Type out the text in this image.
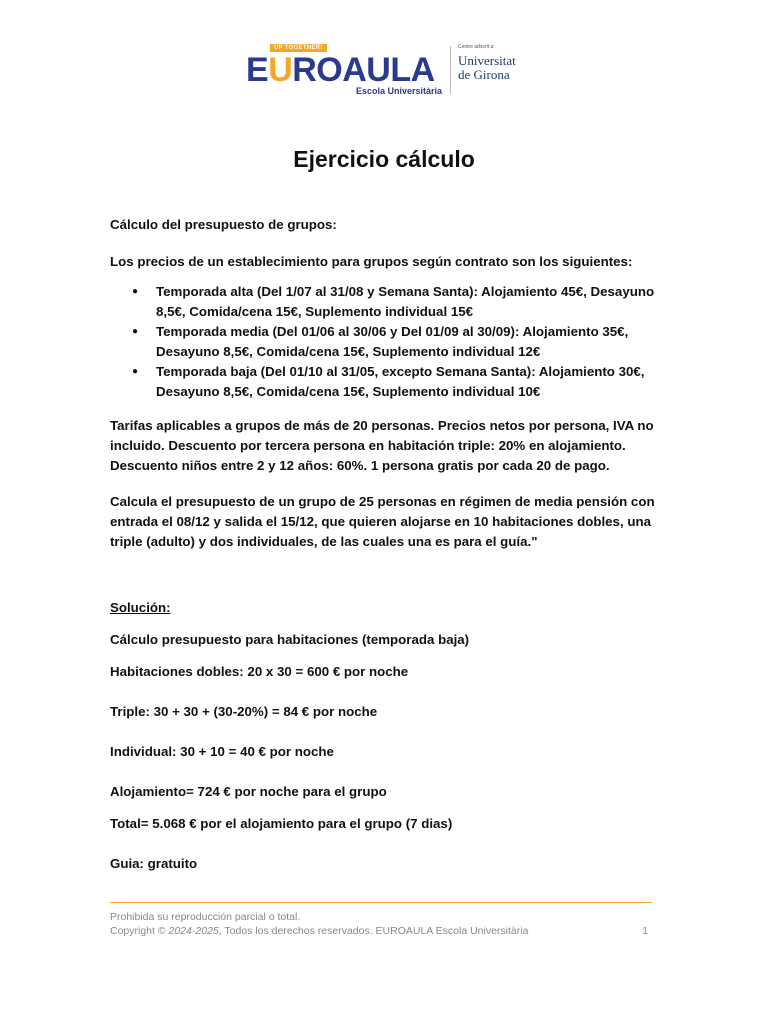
UP TOGETHER!
EUROAULA
Escola Universitària
Centre adscrit a:
Universitat
de Girona
Ejercicio cálculo

Cálculo del presupuesto de grupos:

Los precios de un establecimiento para grupos según contrato son los siguientes:

● Temporada alta (Del 1/07 al 31/08 y Semana Santa): Alojamiento 45€, Desayuno 8,5€, Comida/cena 15€, Suplemento individual 15€
● Temporada media (Del 01/06 al 30/06 y Del 01/09 al 30/09): Alojamiento 35€, Desayuno 8,5€, Comida/cena 15€, Suplemento individual 12€
● Temporada baja (Del 01/10 al 31/05, excepto Semana Santa): Alojamiento 30€, Desayuno 8,5€, Comida/cena 15€, Suplemento individual 10€

Tarifas aplicables a grupos de más de 20 personas. Precios netos por persona, IVA no incluido. Descuento por tercera persona en habitación triple: 20% en alojamiento. Descuento niños entre 2 y 12 años: 60%. 1 persona gratis por cada 20 de pago.

Calcula el presupuesto de un grupo de 25 personas en régimen de media pensión con entrada el 08/12 y salida el 15/12, que quieren alojarse en 10 habitaciones dobles, una triple (adulto) y dos individuales, de las cuales una es para el guía."

Solución:

Cálculo presupuesto para habitaciones (temporada baja)

Habitaciones dobles: 20 x 30 = 600 € por noche

Triple: 30 + 30 + (30-20%) = 84 € por noche

Individual: 30 + 10 = 40 € por noche

Alojamiento= 724 € por noche para el grupo

Total= 5.068 € por el alojamiento para el grupo (7 dias)

Guia: gratuito

Prohibida su reproducción parcial o total.
Copyright © 2024-2025, Todos los derechos reservados. EUROAULA Escola Universitària	1
